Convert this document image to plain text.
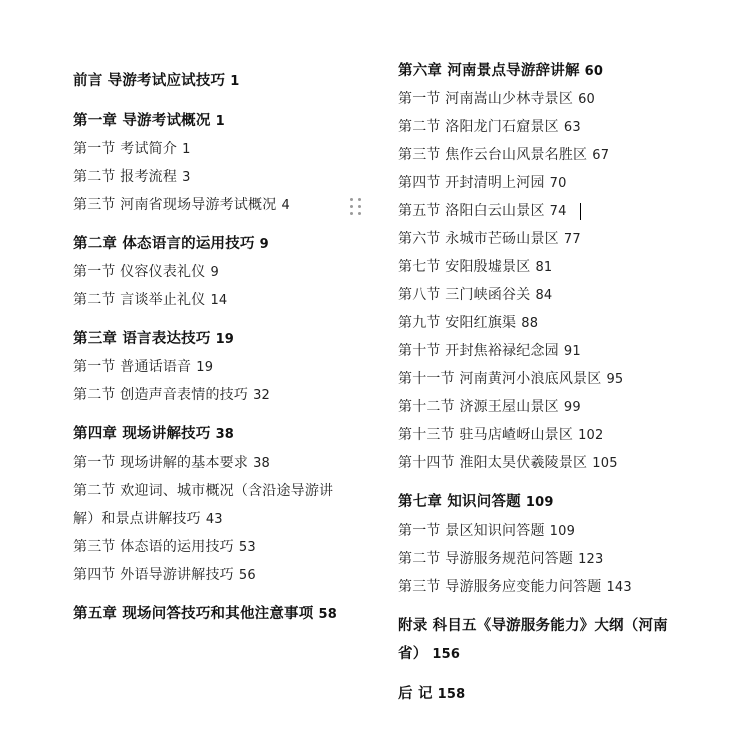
前言 导游考试应试技巧 1
第一章 导游考试概况 1
第一节 考试简介 1
第二节 报考流程 3
第三节 河南省现场导游考试概况 4
第二章 体态语言的运用技巧 9
第一节 仪容仪表礼仪 9
第二节 言谈举止礼仪 14
第三章 语言表达技巧 19
第一节 普通话语音 19
第二节 创造声音表情的技巧 32
第四章 现场讲解技巧 38
第一节 现场讲解的基本要求 38
第二节 欢迎词、城市概况（含沿途导游讲
解）和景点讲解技巧 43
第三节 体态语的运用技巧 53
第四节 外语导游讲解技巧 56
第五章 现场问答技巧和其他注意事项 58
第六章 河南景点导游辞讲解 60
第一节 河南嵩山少林寺景区 60
第二节 洛阳龙门石窟景区 63
第三节 焦作云台山风景名胜区 67
第四节 开封清明上河园 70
第五节 洛阳白云山景区 74
第六节 永城市芒砀山景区 77
第七节 安阳殷墟景区 81
第八节 三门峡函谷关 84
第九节 安阳红旗渠 88
第十节 开封焦裕禄纪念园 91
第十一节 河南黄河小浪底风景区 95
第十二节 济源王屋山景区 99
第十三节 驻马店嵖岈山景区 102
第十四节 淮阳太昊伏羲陵景区 105
第七章 知识问答题 109
第一节 景区知识问答题 109
第二节 导游服务规范问答题 123
第三节 导游服务应变能力问答题 143
附录 科目五《导游服务能力》大纲（河南
省） 156
后 记 158
